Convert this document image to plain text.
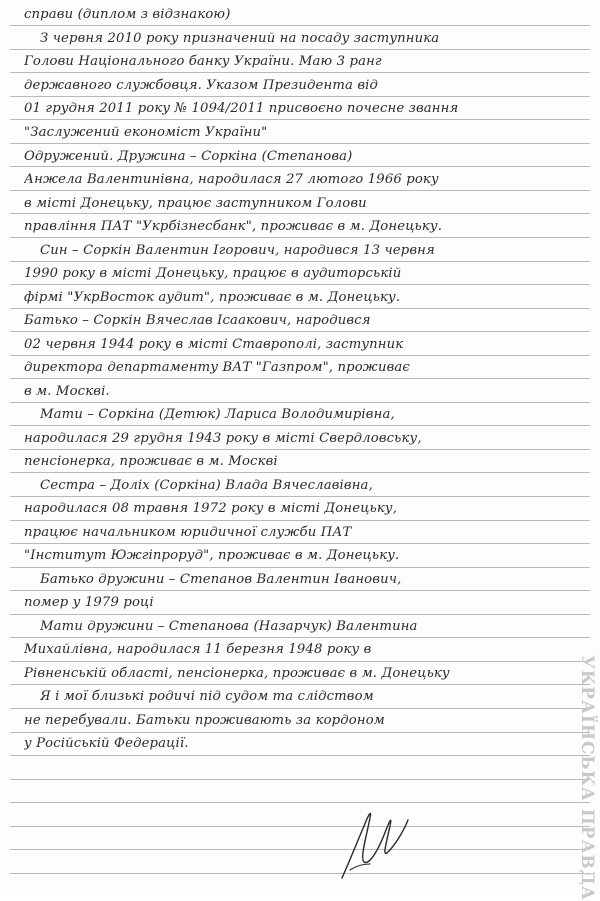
справи (диплом з відзнакою)
З червня 2010 року призначений на посаду заступника
Голови Національного банку України. Маю 3 ранг
державного службовця. Указом Президента від
01 грудня 2011 року № 1094/2011 присвоєно почесне звання
"Заслужений економіст України"
Одружений. Дружина – Соркіна (Степанова)
Анжела Валентинівна, народилася 27 лютого 1966 року
в місті Донецьку, працює заступником Голови
правління ПАТ "Укрбізнесбанк", проживає в м. Донецьку.
Син – Соркін Валентин Ігорович, народився 13 червня
1990 року в місті Донецьку, працює в аудиторській
фірмі "УкрВосток аудит", проживає в м. Донецьку.
Батько – Соркін Вячеслав Ісаакович, народився
02 червня 1944 року в місті Ставрополі, заступник
директора департаменту ВАТ "Газпром", проживає
в м. Москві.
Мати – Соркіна (Детюк) Лариса Володимирівна,
народилася 29 грудня 1943 року в місті Свердловську,
пенсіонерка, проживає в м. Москві
Сестра – Доліх (Соркіна) Влада Вячеславівна,
народилася 08 травня 1972 року в місті Донецьку,
працює начальником юридичної служби ПАТ
"Інститут Южгіпроруд", проживає в м. Донецьку.
Батько дружини – Степанов Валентин Іванович,
помер у 1979 році
Мати дружини – Степанова (Назарчук) Валентина
Михайлівна, народилася 11 березня 1948 року в
Рівненській області, пенсіонерка, проживає в м. Донецьку
Я і мої близькі родичі під судом та слідством
не перебували. Батьки проживають за кордоном
у Російській Федерації.	УКРАЇНСЬКА ПРАВДА
